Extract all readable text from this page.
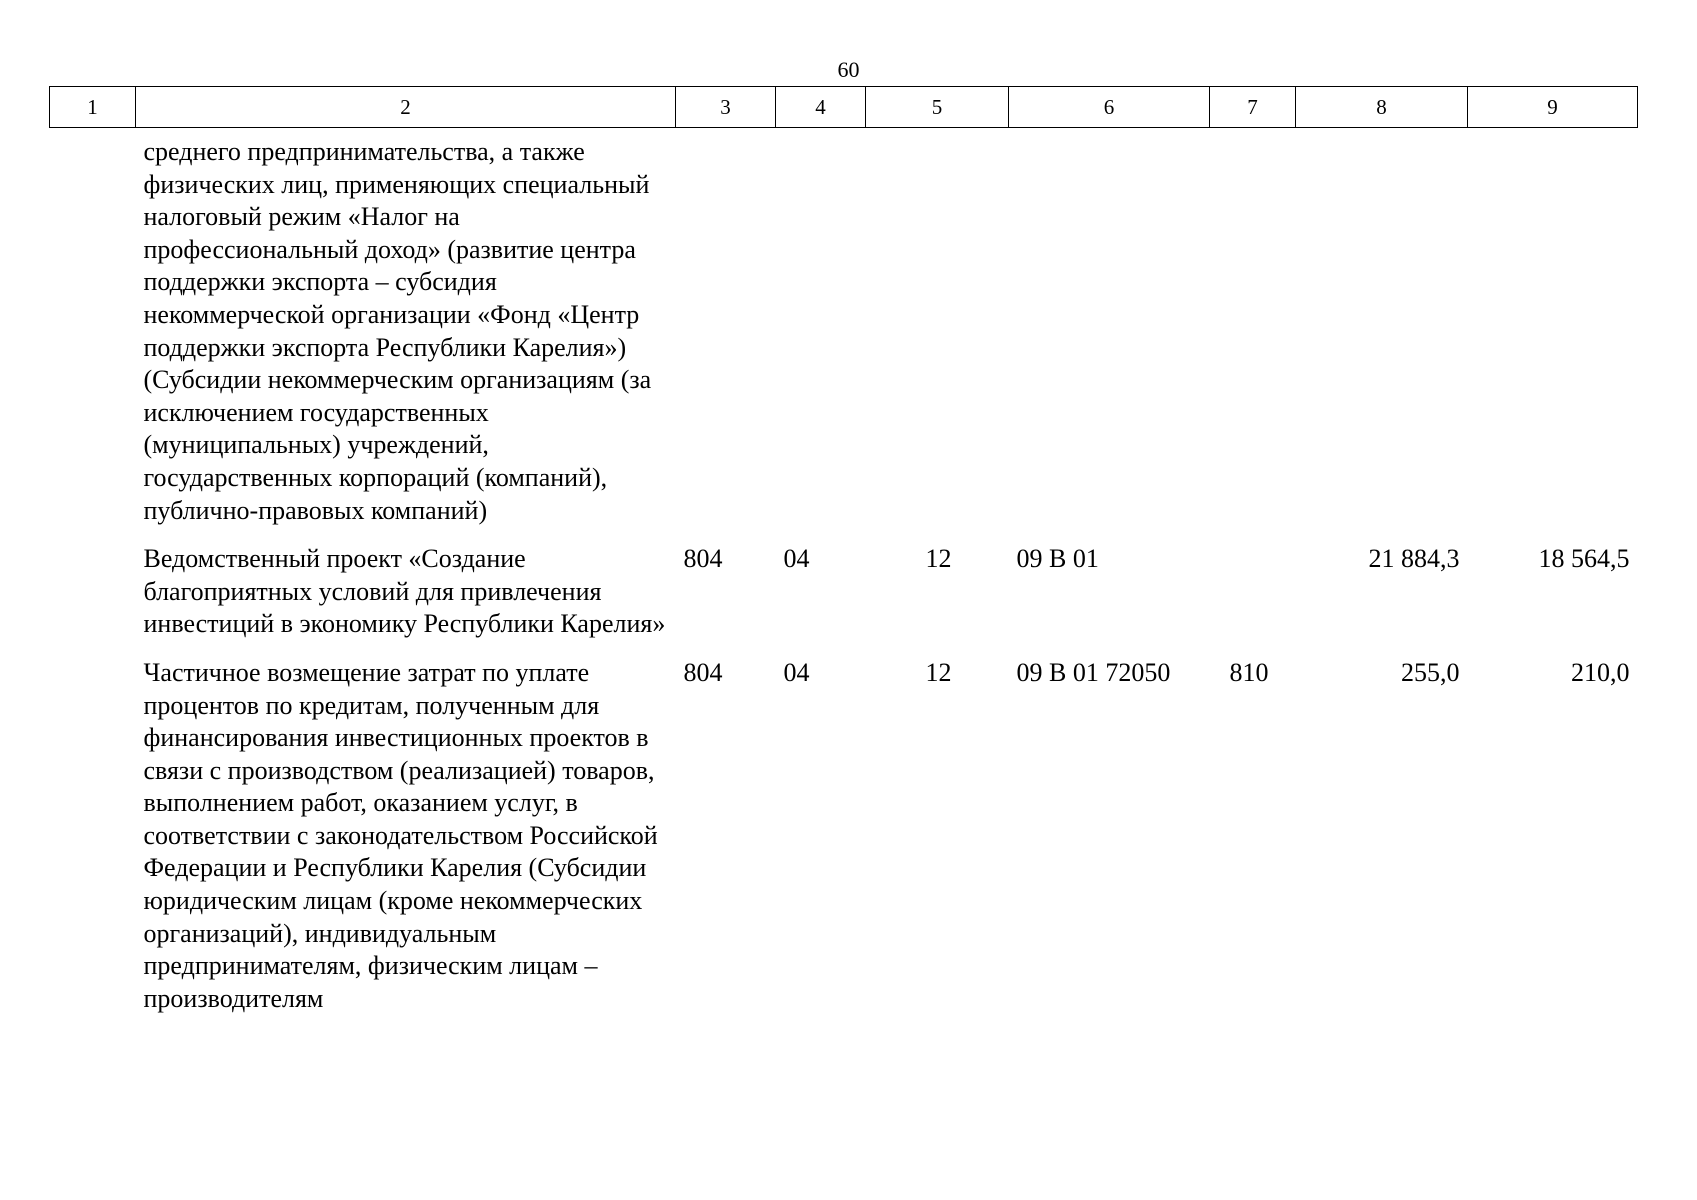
60
1	2	3	4	5	6	7	8	9
среднего предпринимательства, а также физических лиц, применяющих специальный налоговый режим «Налог на профессиональный доход» (развитие центра поддержки экспорта – субсидия некоммерческой организации «Фонд «Центр поддержки экспорта Республики Карелия») (Субсидии некоммерческим организациям (за исключением государственных (муниципальных) учреждений, государственных корпораций (компаний), публично-правовых компаний)								
Ведомственный проект «Создание благоприятных условий для привлечения инвестиций в экономику Республики Карелия»		804	04	12	09 В 01		21 884,3	18 564,5
Частичное возмещение затрат по уплате процентов по кредитам, полученным для финансирования инвестиционных проектов в связи с производством (реализацией) товаров, выполнением работ, оказанием услуг, в соответствии с законодательством Российской Федерации и Республики Карелия (Субсидии юридическим лицам (кроме некоммерческих организаций), индивидуальным предпринимателям, физическим лицам – производителям		804	04	12	09 В 01 72050	810	255,0	210,0
